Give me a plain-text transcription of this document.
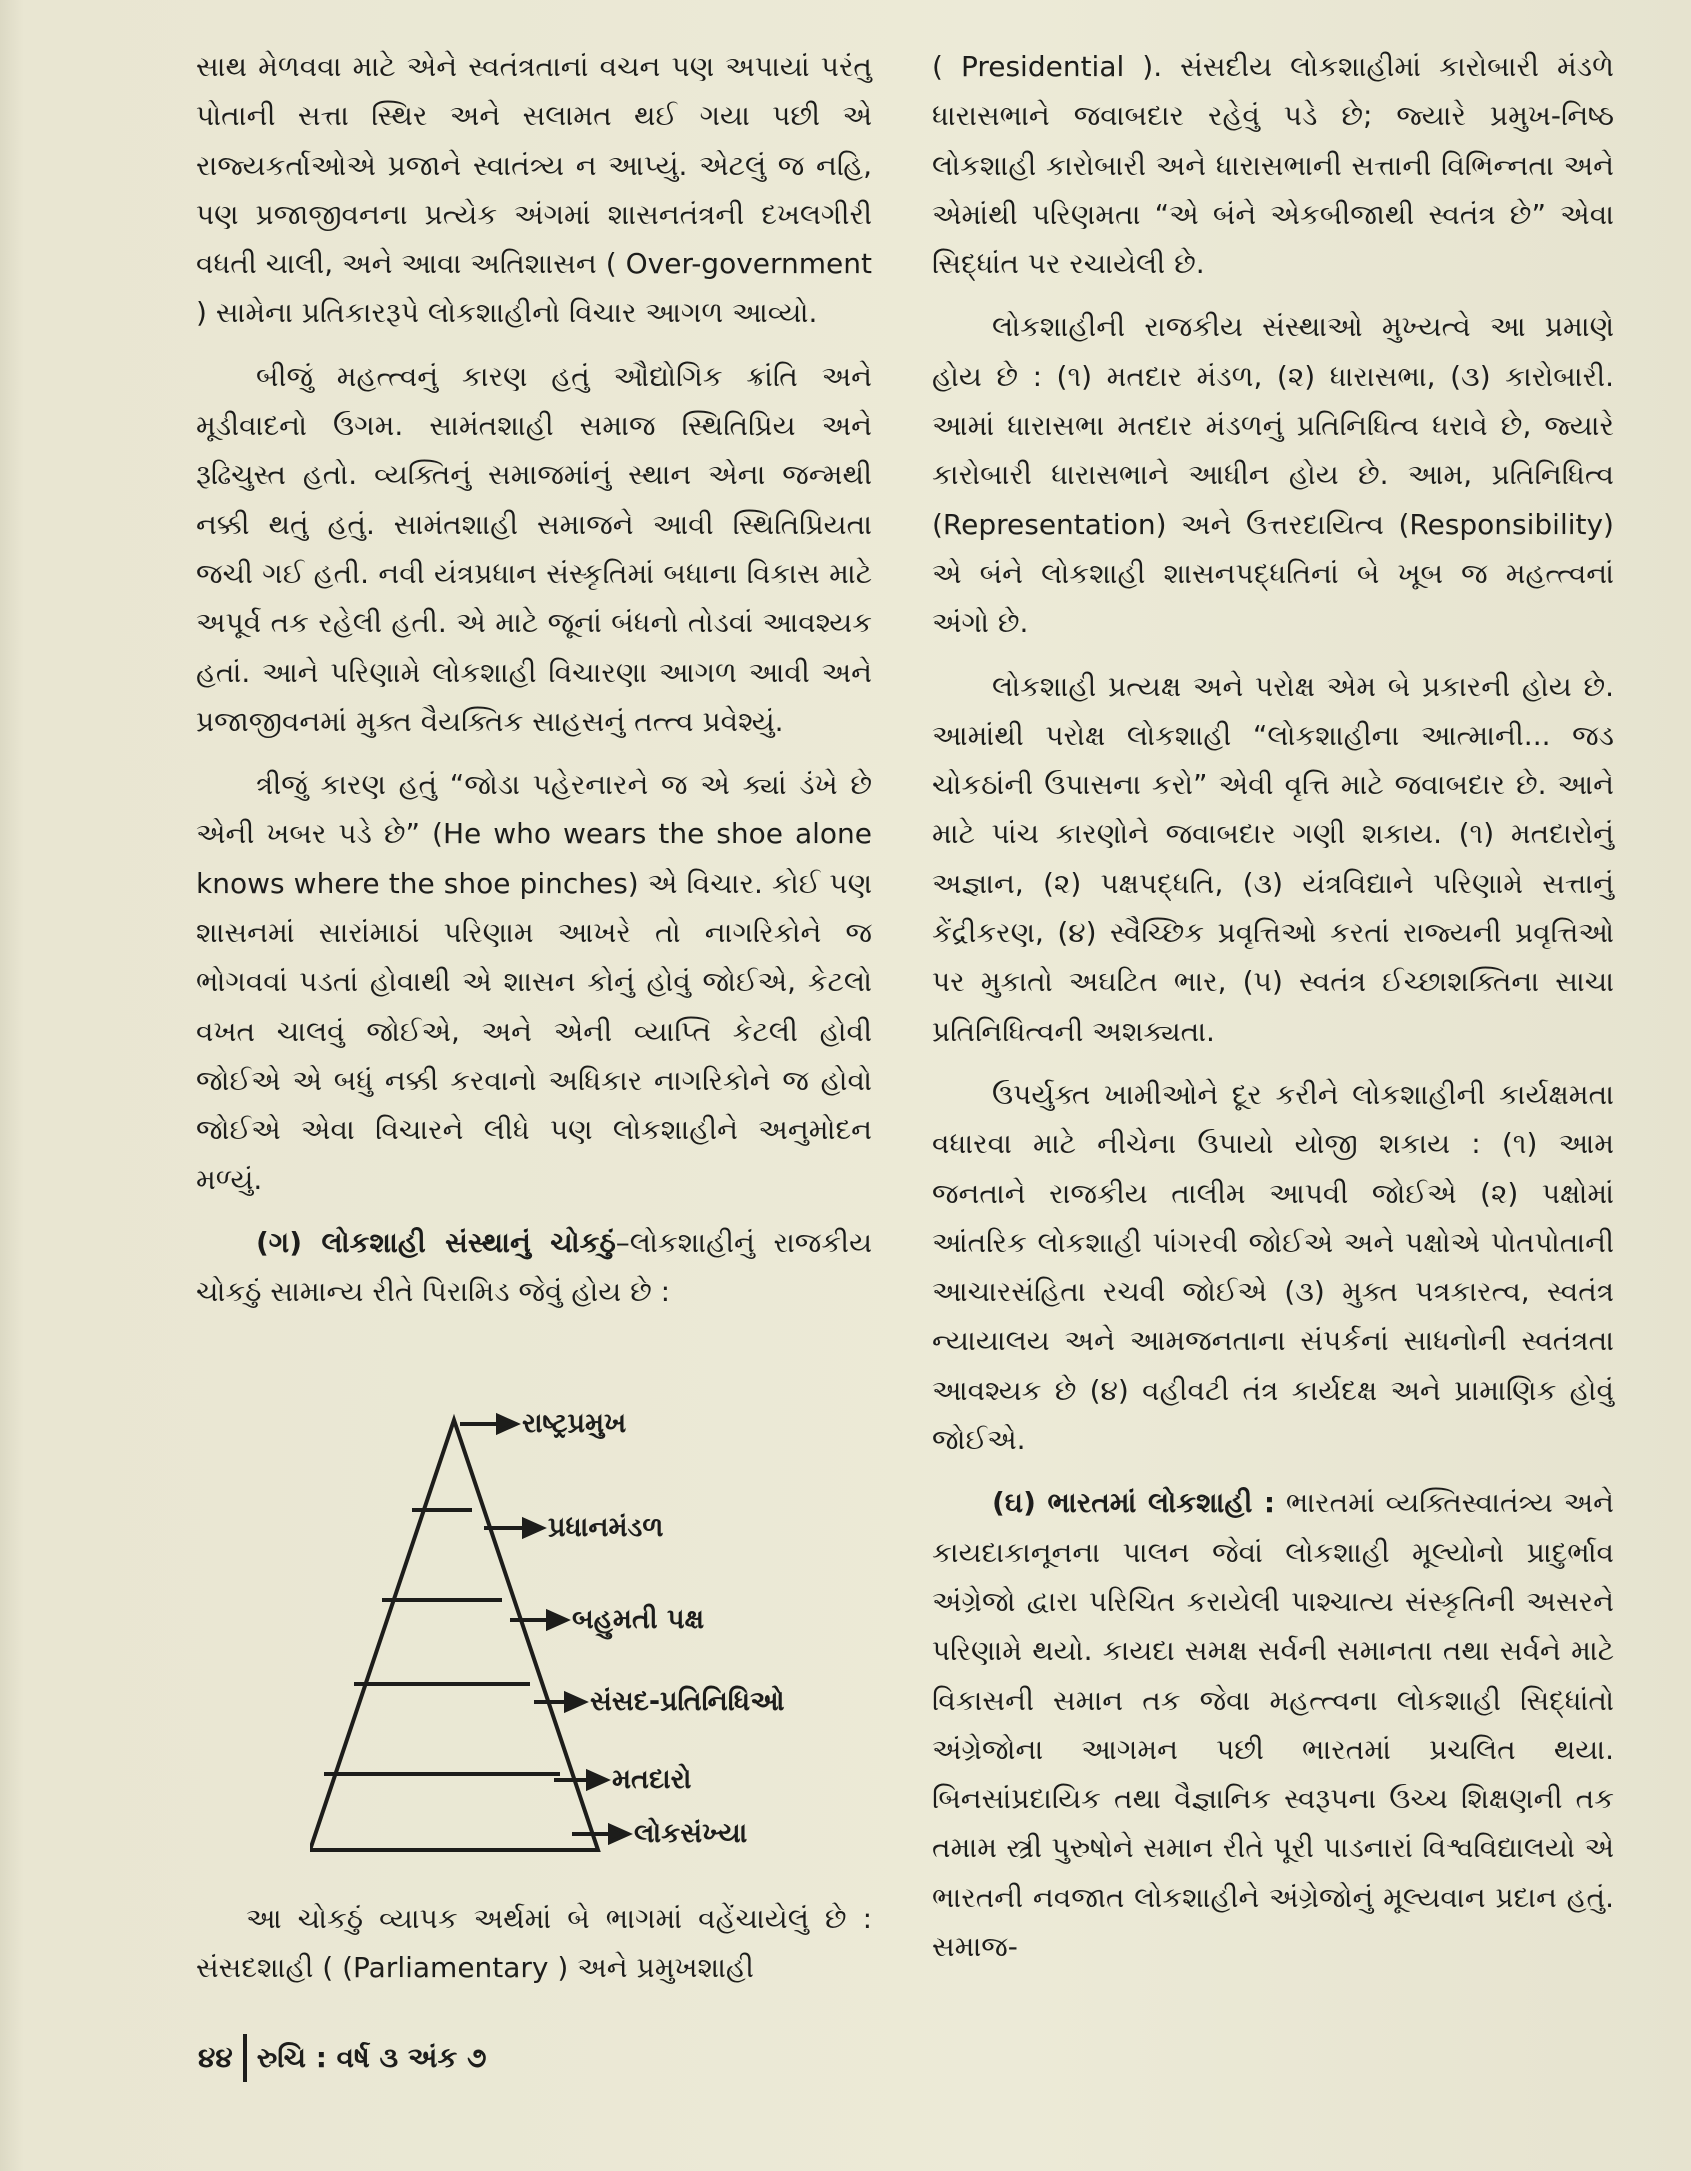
સાથ મેળવવા માટે એને સ્વતંત્રતાનાં વચન પણ અપાયાં પરંતુ પોતાની સત્તા સ્થિર અને સલામત થઈ ગયા પછી એ રાજ્યકર્તાઓએ પ્રજાને સ્વાતંત્ર્ય ન આપ્યું. એટલું જ નહિ, પણ પ્રજાજીવનના પ્રત્યેક અંગમાં શાસનતંત્રની દખલગીરી વધતી ચાલી, અને આવા અતિશાસન ( Over-government ) સામેના પ્રતિકારરૂપે લોકશાહીનો વિચાર આગળ આવ્યો.

બીજું મહત્ત્વનું કારણ હતું ઔદ્યોગિક ક્રાંતિ અને મૂડીવાદનો ઉગમ. સામંતશાહી સમાજ સ્થિતિપ્રિય અને રૂઢિચુસ્ત હતો. વ્યક્તિનું સમાજમાંનું સ્થાન એના જન્મથી નક્કી થતું હતું. સામંતશાહી સમાજને આવી સ્થિતિપ્રિયતા જચી ગઈ હતી. નવી યંત્રપ્રધાન સંસ્કૃતિમાં બધાના વિકાસ માટે અપૂર્વ તક રહેલી હતી. એ માટે જૂનાં બંધનો તોડવાં આવશ્યક હતાં. આને પરિણામે લોકશાહી વિચારણા આગળ આવી અને પ્રજાજીવનમાં મુક્ત વૈયક્તિક સાહસનું તત્ત્વ પ્રવેશ્યું.

ત્રીજું કારણ હતું “જોડા પહેરનારને જ એ ક્યાં ડંખે છે એની ખબર પડે છે” (He who wears the shoe alone knows where the shoe pinches) એ વિચાર. કોઈ પણ શાસનમાં સારાંમાઠાં પરિણામ આખરે તો નાગરિકોને જ ભોગવવાં પડતાં હોવાથી એ શાસન કોનું હોવું જોઈએ, કેટલો વખત ચાલવું જોઈએ, અને એની વ્યાપ્તિ કેટલી હોવી જોઈએ એ બધું નક્કી કરવાનો અધિકાર નાગરિકોને જ હોવો જોઈએ એવા વિચારને લીધે પણ લોકશાહીને અનુમોદન મળ્યું.

(ગ) લોકશાહી સંસ્થાનું ચોકઠું–લોકશાહીનું રાજકીય ચોકઠું સામાન્ય રીતે પિરામિડ જેવું હોય છે :

રાષ્ટ્રપ્રમુખ
પ્રધાનમંડળ
બહુમતી પક્ષ
સંસદ-પ્રતિનિધિઓ
મતદારો
લોકસંખ્યા

આ ચોકઠું વ્યાપક અર્થમાં બે ભાગમાં વહેંચાયેલું છે : સંસદશાહી ( (Parliamentary ) અને પ્રમુખશાહી

( Presidential ). સંસદીય લોકશાહીમાં કારોબારી મંડળે ધારાસભાને જવાબદાર રહેવું પડે છે; જ્યારે પ્રમુખ-નિષ્ઠ લોકશાહી કારોબારી અને ધારાસભાની સત્તાની વિભિન્નતા અને એમાંથી પરિણમતા “એ બંને એકબીજાથી સ્વતંત્ર છે” એવા સિદ્ધાંત પર રચાયેલી છે.

લોકશાહીની રાજકીય સંસ્થાઓ મુખ્યત્વે આ પ્રમાણે હોય છે : (૧) મતદાર મંડળ, (૨) ધારાસભા, (૩) કારોબારી. આમાં ધારાસભા મતદાર મંડળનું પ્રતિનિધિત્વ ધરાવે છે, જ્યારે કારોબારી ધારાસભાને આધીન હોય છે. આમ, પ્રતિનિધિત્વ (Representation) અને ઉત્તરદાયિત્વ (Responsibility) એ બંને લોકશાહી શાસનપદ્ધતિનાં બે ખૂબ જ મહત્ત્વનાં અંગો છે.

લોકશાહી પ્રત્યક્ષ અને પરોક્ષ એમ બે પ્રકારની હોય છે. આમાંથી પરોક્ષ લોકશાહી “લોકશાહીના આત્માની... જડ ચોકઠાંની ઉપાસના કરો” એવી વૃત્તિ માટે જવાબદાર છે. આને માટે પાંચ કારણોને જવાબદાર ગણી શકાય. (૧) મતદારોનું અજ્ઞાન, (૨) પક્ષપદ્ધતિ, (૩) યંત્રવિદ્યાને પરિણામે સત્તાનું કેંદ્રીકરણ, (૪) સ્વૈચ્છિક પ્રવૃત્તિઓ કરતાં રાજ્યની પ્રવૃત્તિઓ પર મુકાતો અઘટિત ભાર, (૫) સ્વતંત્ર ઈચ્છાશક્તિના સાચા પ્રતિનિધિત્વની અશક્યતા.

ઉપર્યુક્ત ખામીઓને દૂર કરીને લોકશાહીની કાર્યક્ષમતા વધારવા માટે નીચેના ઉપાયો યોજી શકાય : (૧) આમ જનતાને રાજકીય તાલીમ આપવી જોઈએ (૨) પક્ષોમાં આંતરિક લોકશાહી પાંગરવી જોઈએ અને પક્ષોએ પોતપોતાની આચારસંહિતા રચવી જોઈએ (૩) મુક્ત પત્રકારત્વ, સ્વતંત્ર ન્યાયાલય અને આમજનતાના સંપર્કનાં સાધનોની સ્વતંત્રતા આવશ્યક છે (૪) વહીવટી તંત્ર કાર્યદક્ષ અને પ્રામાણિક હોવું જોઈએ.

(ઘ) ભારતમાં લોકશાહી : ભારતમાં વ્યક્તિસ્વાતંત્ર્ય અને કાયદાકાનૂનના પાલન જેવાં લોકશાહી મૂલ્યોનો પ્રાદુર્ભાવ અંગ્રેજો દ્વારા પરિચિત કરાયેલી પાશ્ચાત્ય સંસ્કૃતિની અસરને પરિણામે થયો. કાયદા સમક્ષ સર્વની સમાનતા તથા સર્વને માટે વિકાસની સમાન તક જેવા મહત્ત્વના લોકશાહી સિદ્ધાંતો અંગ્રેજોના આગમન પછી ભારતમાં પ્રચલિત થયા. બિનસાંપ્રદાયિક તથા વૈજ્ઞાનિક સ્વરૂપના ઉચ્ચ શિક્ષણની તક તમામ સ્ત્રી પુરુષોને સમાન રીતે પૂરી પાડનારાં વિશ્વવિદ્યાલયો એ ભારતની નવજાત લોકશાહીને અંગ્રેજોનું મૂલ્યવાન પ્રદાન હતું. સમાજ-

૪૪ રુચિ : વર્ષ ૩ અંક ૭
